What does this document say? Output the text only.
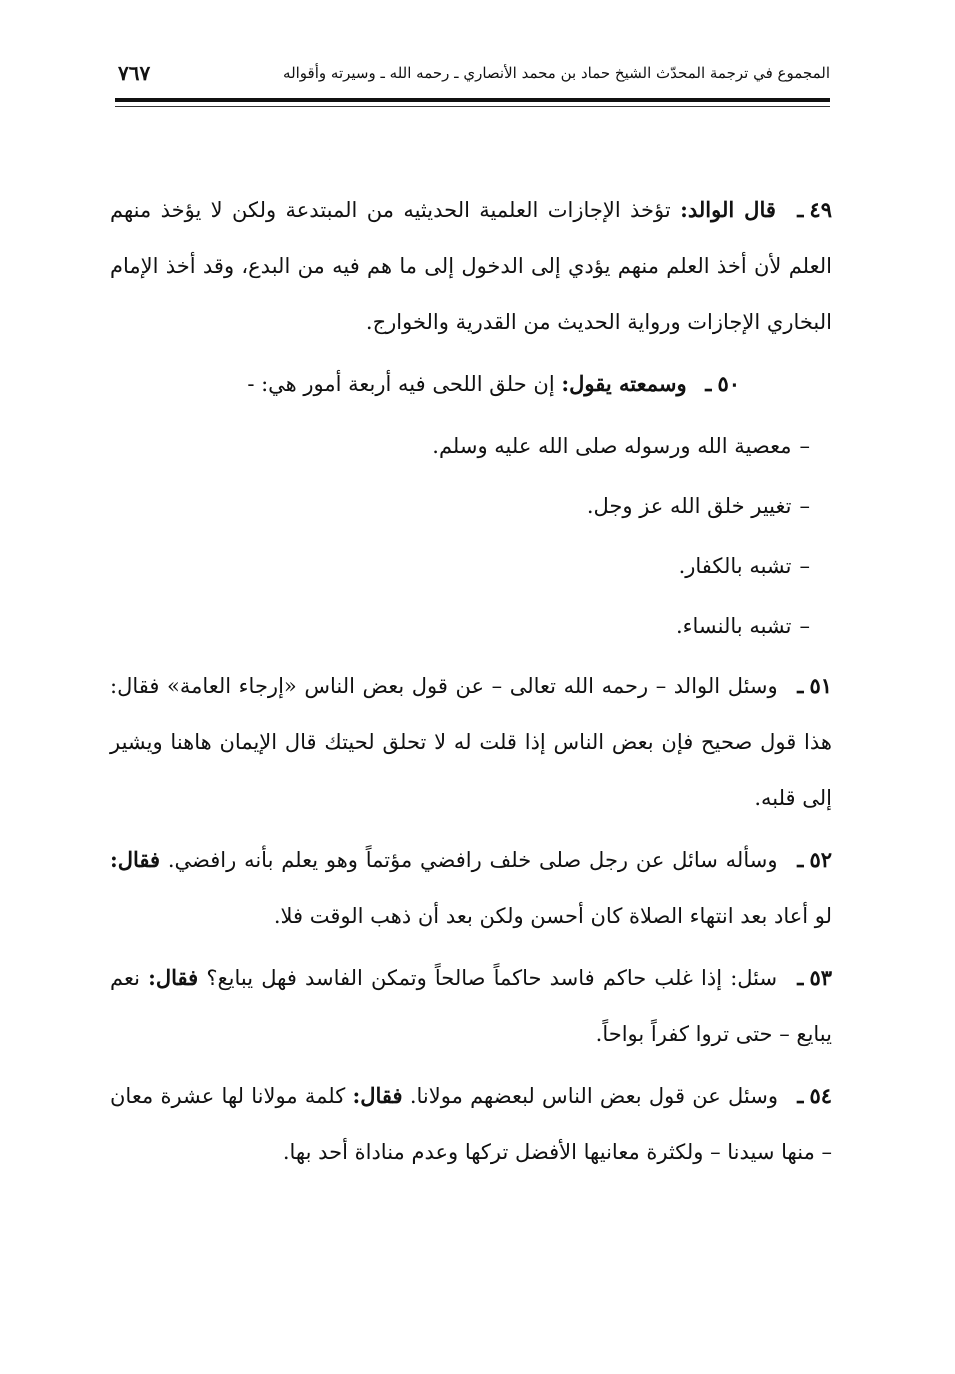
المجموع في ترجمة المحدّث الشيخ حماد بن محمد الأنصاري ـ رحمه الله ـ وسيرته وأقواله
٧٦٧

٤٩ـ قال الوالد: تؤخذ الإجازات العلمية الحديثيه من المبتدعة ولكن لا يؤخذ منهم العلم لأن أخذ العلم منهم يؤدي إلى الدخول إلى ما هم فيه من البدع، وقد أخذ الإمام البخاري الإجازات ورواية الحديث من القدرية والخوارج.

٥٠ـ وسمعته يقول: إن حلق اللحى فيه أربعة أمور هي: -

–معصية الله ورسوله صلى الله عليه وسلم.

–تغيير خلق الله عز وجل.

–تشبه بالكفار.

–تشبه بالنساء.

٥١ـ وسئل الوالد – رحمه الله تعالى – عن قول بعض الناس «إرجاء العامة» فقال: هذا قول صحيح فإن بعض الناس إذا قلت له لا تحلق لحيتك قال الإيمان هاهنا ويشير إلى قلبه.

٥٢ـ وسأله سائل عن رجل صلى خلف رافضي مؤتماً وهو يعلم بأنه رافضي. فقال: لو أعاد بعد انتهاء الصلاة كان أحسن ولكن بعد أن ذهب الوقت فلا.

٥٣ـ سئل: إذا غلب حاكم فاسد حاكماً صالحاً وتمكن الفاسد فهل يبايع؟ فقال: نعم يبايع – حتى تروا كفراً بواحاً.

٥٤ـ وسئل عن قول بعض الناس لبعضهم مولانا. فقال: كلمة مولانا لها عشرة معان – منها سيدنا – ولكثرة معانيها الأفضل تركها وعدم مناداة أحد بها.
